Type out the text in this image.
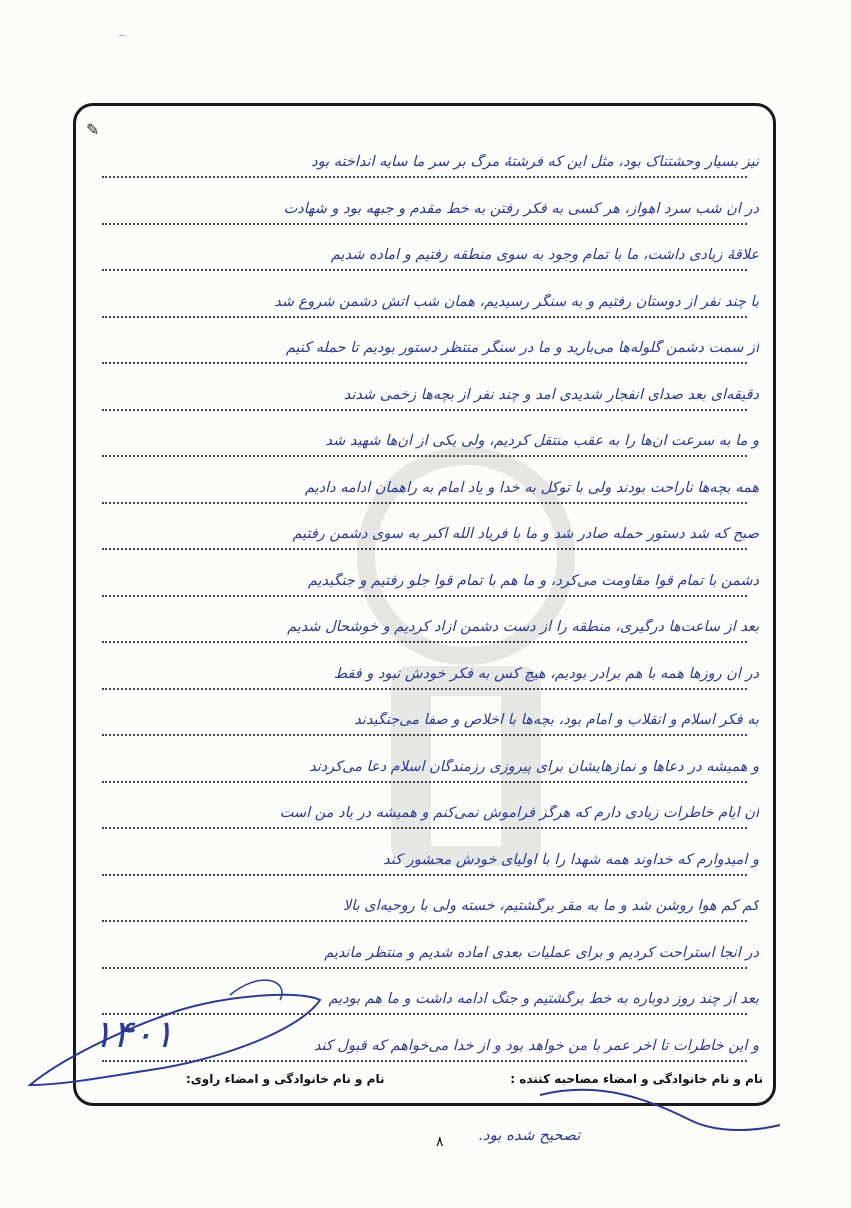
⁀
✎
نیز بسیار وحشتناک بود، مثل این که فرشتهٔ مرگ بر سر ما سایه انداخته بود
در آن شب سرد اهواز، هر کسی به فکر رفتن به خط مقدم و جبهه بود و شهادت
علاقهٔ زیادی داشت، ما با تمام وجود به سوی منطقه رفتیم و آماده شدیم
با چند نفر از دوستان رفتیم و به سنگر رسیدیم، همان شب آتش دشمن شروع شد
از سمت دشمن گلوله‌ها می‌بارید و ما در سنگر منتظر دستور بودیم تا حمله کنیم
دقیقه‌ای بعد صدای انفجار شدیدی آمد و چند نفر از بچه‌ها زخمی شدند
و ما به سرعت آن‌ها را به عقب منتقل کردیم، ولی یکی از آن‌ها شهید شد
همه بچه‌ها ناراحت بودند ولی با توکل به خدا و یاد امام به راهمان ادامه دادیم
صبح که شد دستور حمله صادر شد و ما با فریاد الله اکبر به سوی دشمن رفتیم
دشمن با تمام قوا مقاومت می‌کرد، و ما هم با تمام قوا جلو رفتیم و جنگیدیم
بعد از ساعت‌ها درگیری، منطقه را از دست دشمن آزاد کردیم و خوشحال شدیم
در آن روزها همه با هم برادر بودیم، هیچ کس به فکر خودش نبود و فقط
به فکر اسلام و انقلاب و امام بود، بچه‌ها با اخلاص و صفا می‌جنگیدند
و همیشه در دعاها و نمازهایشان برای پیروزی رزمندگان اسلام دعا می‌کردند
آن ایام خاطرات زیادی دارم که هرگز فراموش نمی‌کنم و همیشه در یاد من است
و امیدوارم که خداوند همه شهدا را با اولیای خودش محشور کند
کم کم هوا روشن شد و ما به مقر برگشتیم، خسته ولی با روحیه‌ای بالا
در آنجا استراحت کردیم و برای عملیات بعدی آماده شدیم و منتظر ماندیم
بعد از چند روز دوباره به خط برگشتیم و جنگ ادامه داشت و ما هم بودیم
و این خاطرات تا آخر عمر با من خواهد بود و از خدا می‌خواهم که قبول کند
نام و نام خانوادگی و امضاء مصاحبه کننده :
نام و نام خانوادگی و امضاء راوی:
۱۴۰۱
۸ تصحیح شده بود.
